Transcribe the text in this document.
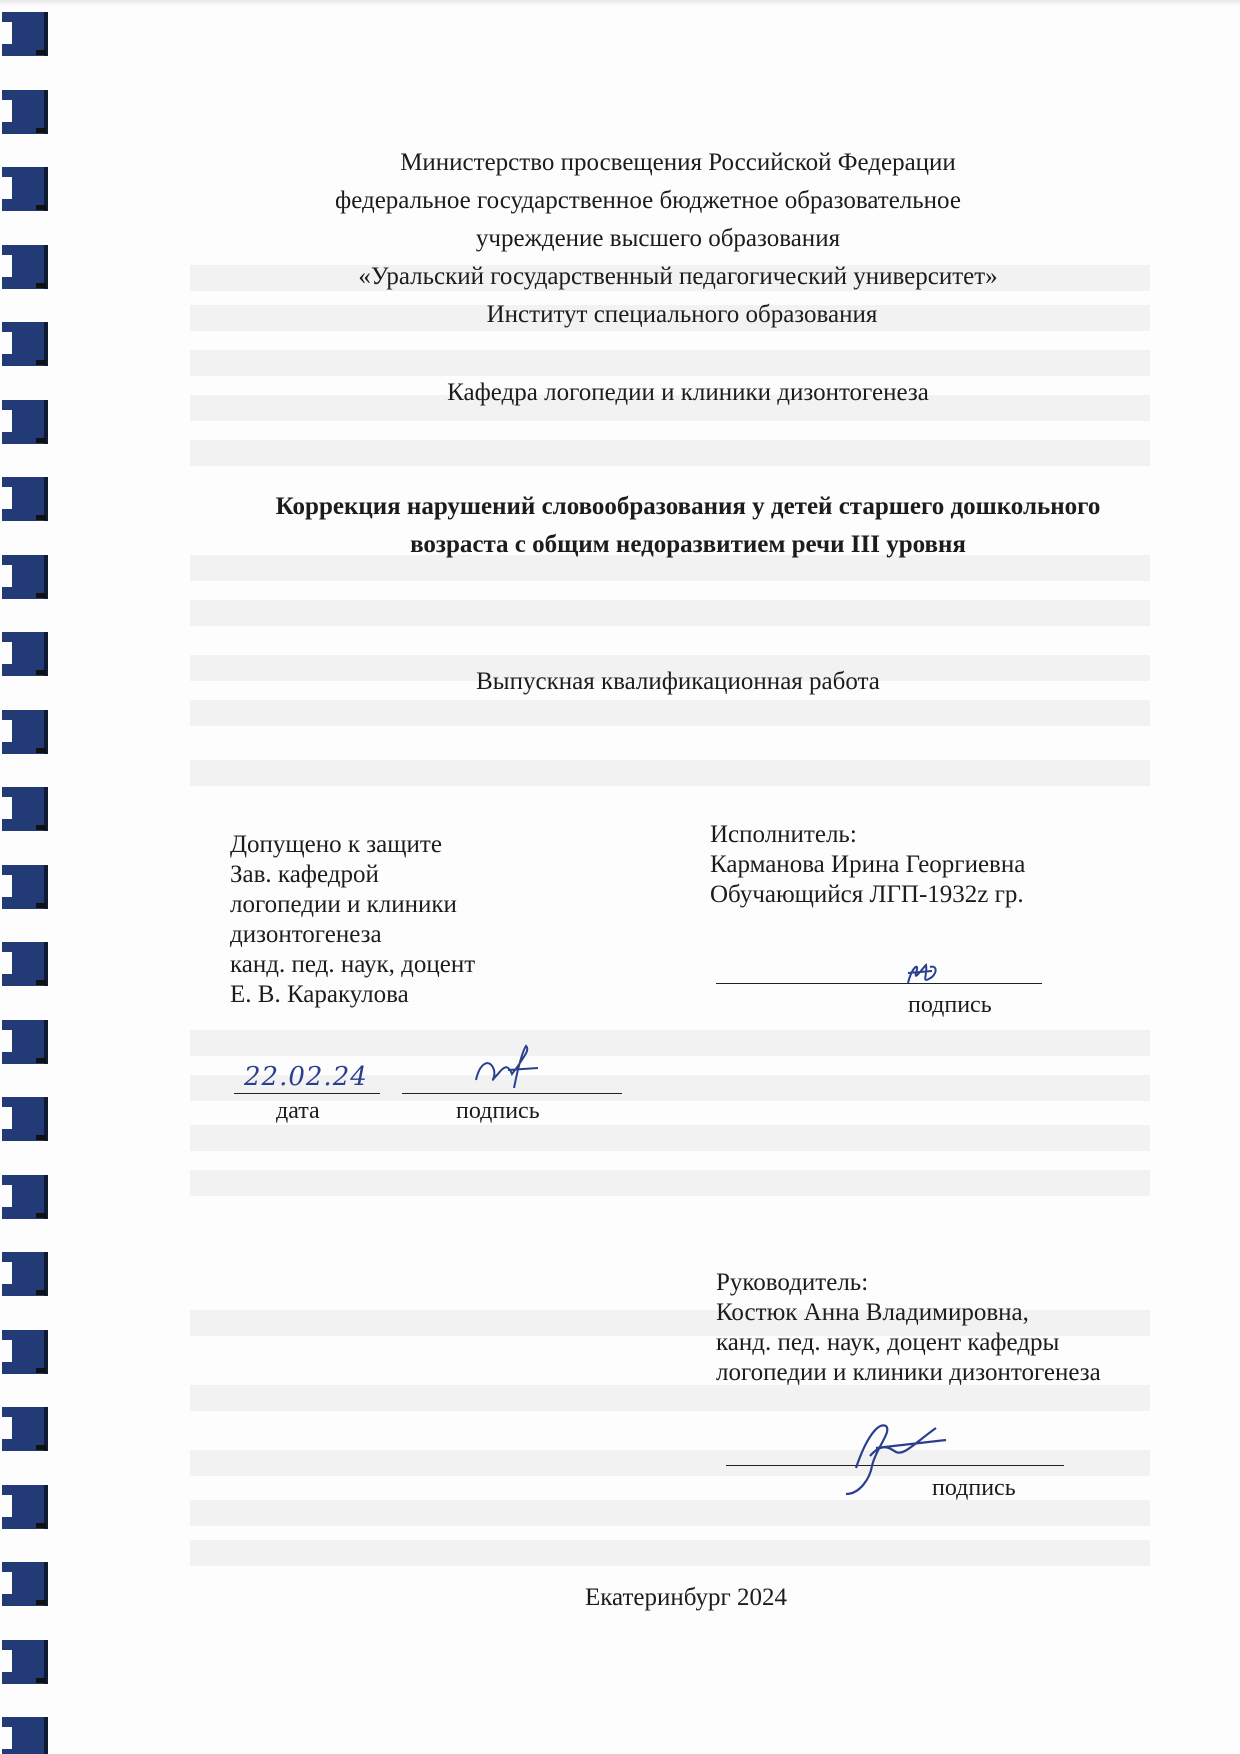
Министерство просвещения Российской Федерации
федеральное государственное бюджетное образовательное
учреждение высшего образования
«Уральский государственный педагогический университет»
Институт специального образования
Кафедра логопедии и клиники дизонтогенеза
Коррекция нарушений словообразования у детей старшего дошкольного
возраста с общим недоразвитием речи III уровня
Выпускная квалификационная работа
Допущено к защите
Зав. кафедрой
логопедии и клиники
дизонтогенеза
канд. пед. наук, доцент
Е. В. Каракулова
22.02.24
дата	подпись
Исполнитель:
Карманова Ирина Георгиевна
Обучающийся ЛГП-1932z гр.
подпись
Руководитель:
Костюк Анна Владимировна,
канд. пед. наук, доцент кафедры
логопедии и клиники дизонтогенеза
подпись
Екатеринбург 2024
